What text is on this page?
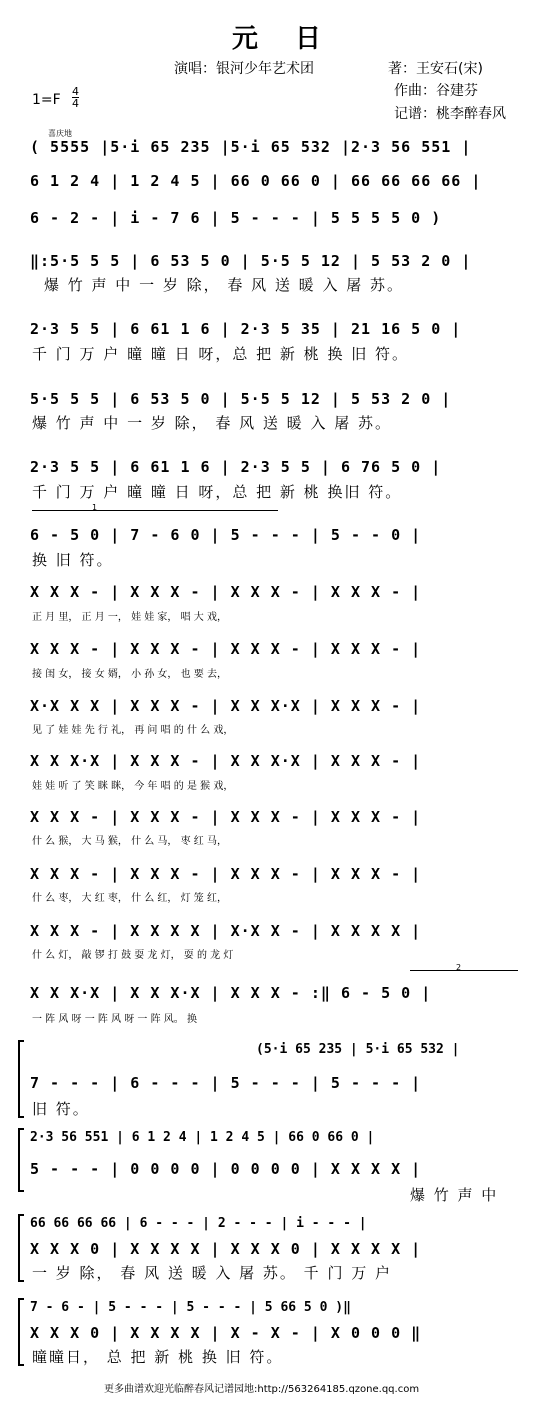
元 日
演唱：银河少年艺术团	著：王安石(宋)
作曲：谷建芬
记谱：桃李醉春风
1=F
4
4
喜庆地
( 5555 |5·i 65 235 |5·i 65 532 |2·3 56 551 |
6 1 2 4 | 1 2 4 5 | 66 0 66 0 | 66 66 66 66 |
6 - 2 - | i - 7 6 | 5 - - - | 5 5 5 5 0 )
‖:5·5 5 5 | 6 53 5 0 | 5·5 5 12 | 5 53 2 0 |
爆 竹 声 中 一 岁 除， 春 风 送 暖 入 屠 苏。
2·3 5 5 | 6 61 1 6 | 2·3 5 35 | 21 16 5 0 |
千 门 万 户 曈 曈 日 呀，总 把 新 桃 换 旧 符。
5·5 5 5 | 6 53 5 0 | 5·5 5 12 | 5 53 2 0 |
爆 竹 声 中 一 岁 除， 春 风 送 暖 入 屠 苏。
2·3 5 5 | 6 61 1 6 | 2·3 5 5 | 6 76 5 0 |
千 门 万 户 曈 曈 日 呀，总 把 新 桃 换旧 符。
1
6 - 5 0 | 7 - 6 0 | 5 - - - | 5 - - 0 |
换 旧 符。
X X X - | X X X - | X X X - | X X X - |
正 月 里， 正 月 一， 娃 娃 家， 唱 大 戏，
X X X - | X X X - | X X X - | X X X - |
接 闺 女， 接 女 婿， 小 孙 女， 也 要 去，
X·X X X | X X X - | X X X·X | X X X - |
见 了 娃 娃 先 行 礼， 再 问 唱 的 什 么 戏，
X X X·X | X X X - | X X X·X | X X X - |
娃 娃 听 了 笑 眯 眯， 今 年 唱 的 是 猴 戏，
X X X - | X X X - | X X X - | X X X - |
什 么 猴， 大 马 猴， 什 么 马， 枣 红 马，
X X X - | X X X - | X X X - | X X X - |
什 么 枣， 大 红 枣， 什 么 红， 灯 笼 红，
X X X - | X X X X | X·X X - | X X X X |
什 么 灯， 敲 锣 打 鼓 耍 龙 灯， 耍 的 龙 灯
2
X X X·X | X X X·X | X X X - :‖ 6 - 5 0 |
一 阵 风 呀 一 阵 风 呀 一 阵 风。 换
(5·i 65 235 | 5·i 65 532 |
7 - - - | 6 - - - | 5 - - - | 5 - - - |
旧 符。
2·3 56 551 | 6 1 2 4 | 1 2 4 5 | 66 0 66 0 |
5 - - - | 0 0 0 0 | 0 0 0 0 | X X X X |
爆 竹 声 中
66 66 66 66 | 6 - - - | 2 - - - | i - - - |
X X X 0 | X X X X | X X X 0 | X X X X |
一 岁 除， 春 风 送 暖 入 屠 苏。 千 门 万 户
7 - 6 - | 5 - - - | 5 - - - | 5 66 5 0 )‖
X X X 0 | X X X X | X - X - | X 0 0 0 ‖
曈曈日， 总 把 新 桃 换 旧 符。
更多曲谱欢迎光临醉春风记谱园地:http://563264185.qzone.qq.com
